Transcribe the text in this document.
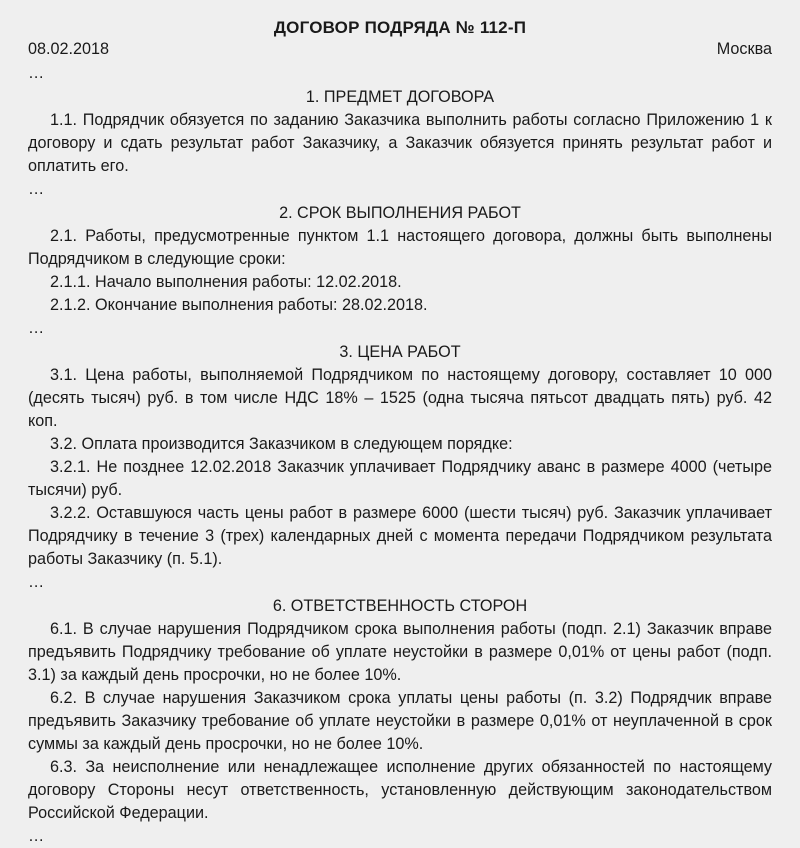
ДОГОВОР ПОДРЯДА № 112-П
08.02.2018	Москва
…
1. ПРЕДМЕТ ДОГОВОРА

1.1. Подрядчик обязуется по заданию Заказчика выполнить работы согласно Приложению 1 к договору и сдать результат работ Заказчику, а Заказчик обязуется принять результат работ и оплатить его.

…
2. СРОК ВЫПОЛНЕНИЯ РАБОТ

2.1. Работы, предусмотренные пунктом 1.1 настоящего договора, должны быть выполнены Подрядчиком в следующие сроки:

2.1.1. Начало выполнения работы: 12.02.2018.

2.1.2. Окончание выполнения работы: 28.02.2018.

…
3. ЦЕНА РАБОТ

3.1. Цена работы, выполняемой Подрядчиком по настоящему договору, составляет 10 000 (десять тысяч) руб. в том числе НДС 18% – 1525 (одна тысяча пятьсот двадцать пять) руб. 42 коп.

3.2. Оплата производится Заказчиком в следующем порядке:

3.2.1. Не позднее 12.02.2018 Заказчик уплачивает Подрядчику аванс в размере 4000 (четыре тысячи) руб.

3.2.2. Оставшуюся часть цены работ в размере 6000 (шести тысяч) руб. Заказчик уплачивает Подрядчику в течение 3 (трех) календарных дней с момента передачи Подрядчиком результата работы Заказчику (п. 5.1).

…
6. ОТВЕТСТВЕННОСТЬ СТОРОН

6.1. В случае нарушения Подрядчиком срока выполнения работы (подп. 2.1) Заказчик вправе предъявить Подрядчику требование об уплате неустойки в размере 0,01% от цены работ (подп. 3.1) за каждый день просрочки, но не более 10%.

6.2. В случае нарушения Заказчиком срока уплаты цены работы (п. 3.2) Подрядчик вправе предъявить Заказчику требование об уплате неустойки в размере 0,01% от неуплаченной в срок суммы за каждый день просрочки, но не более 10%.

6.3. За неисполнение или ненадлежащее исполнение других обязанностей по настоящему договору Стороны несут ответственность, установленную действующим законодательством Российской Федерации.

…
